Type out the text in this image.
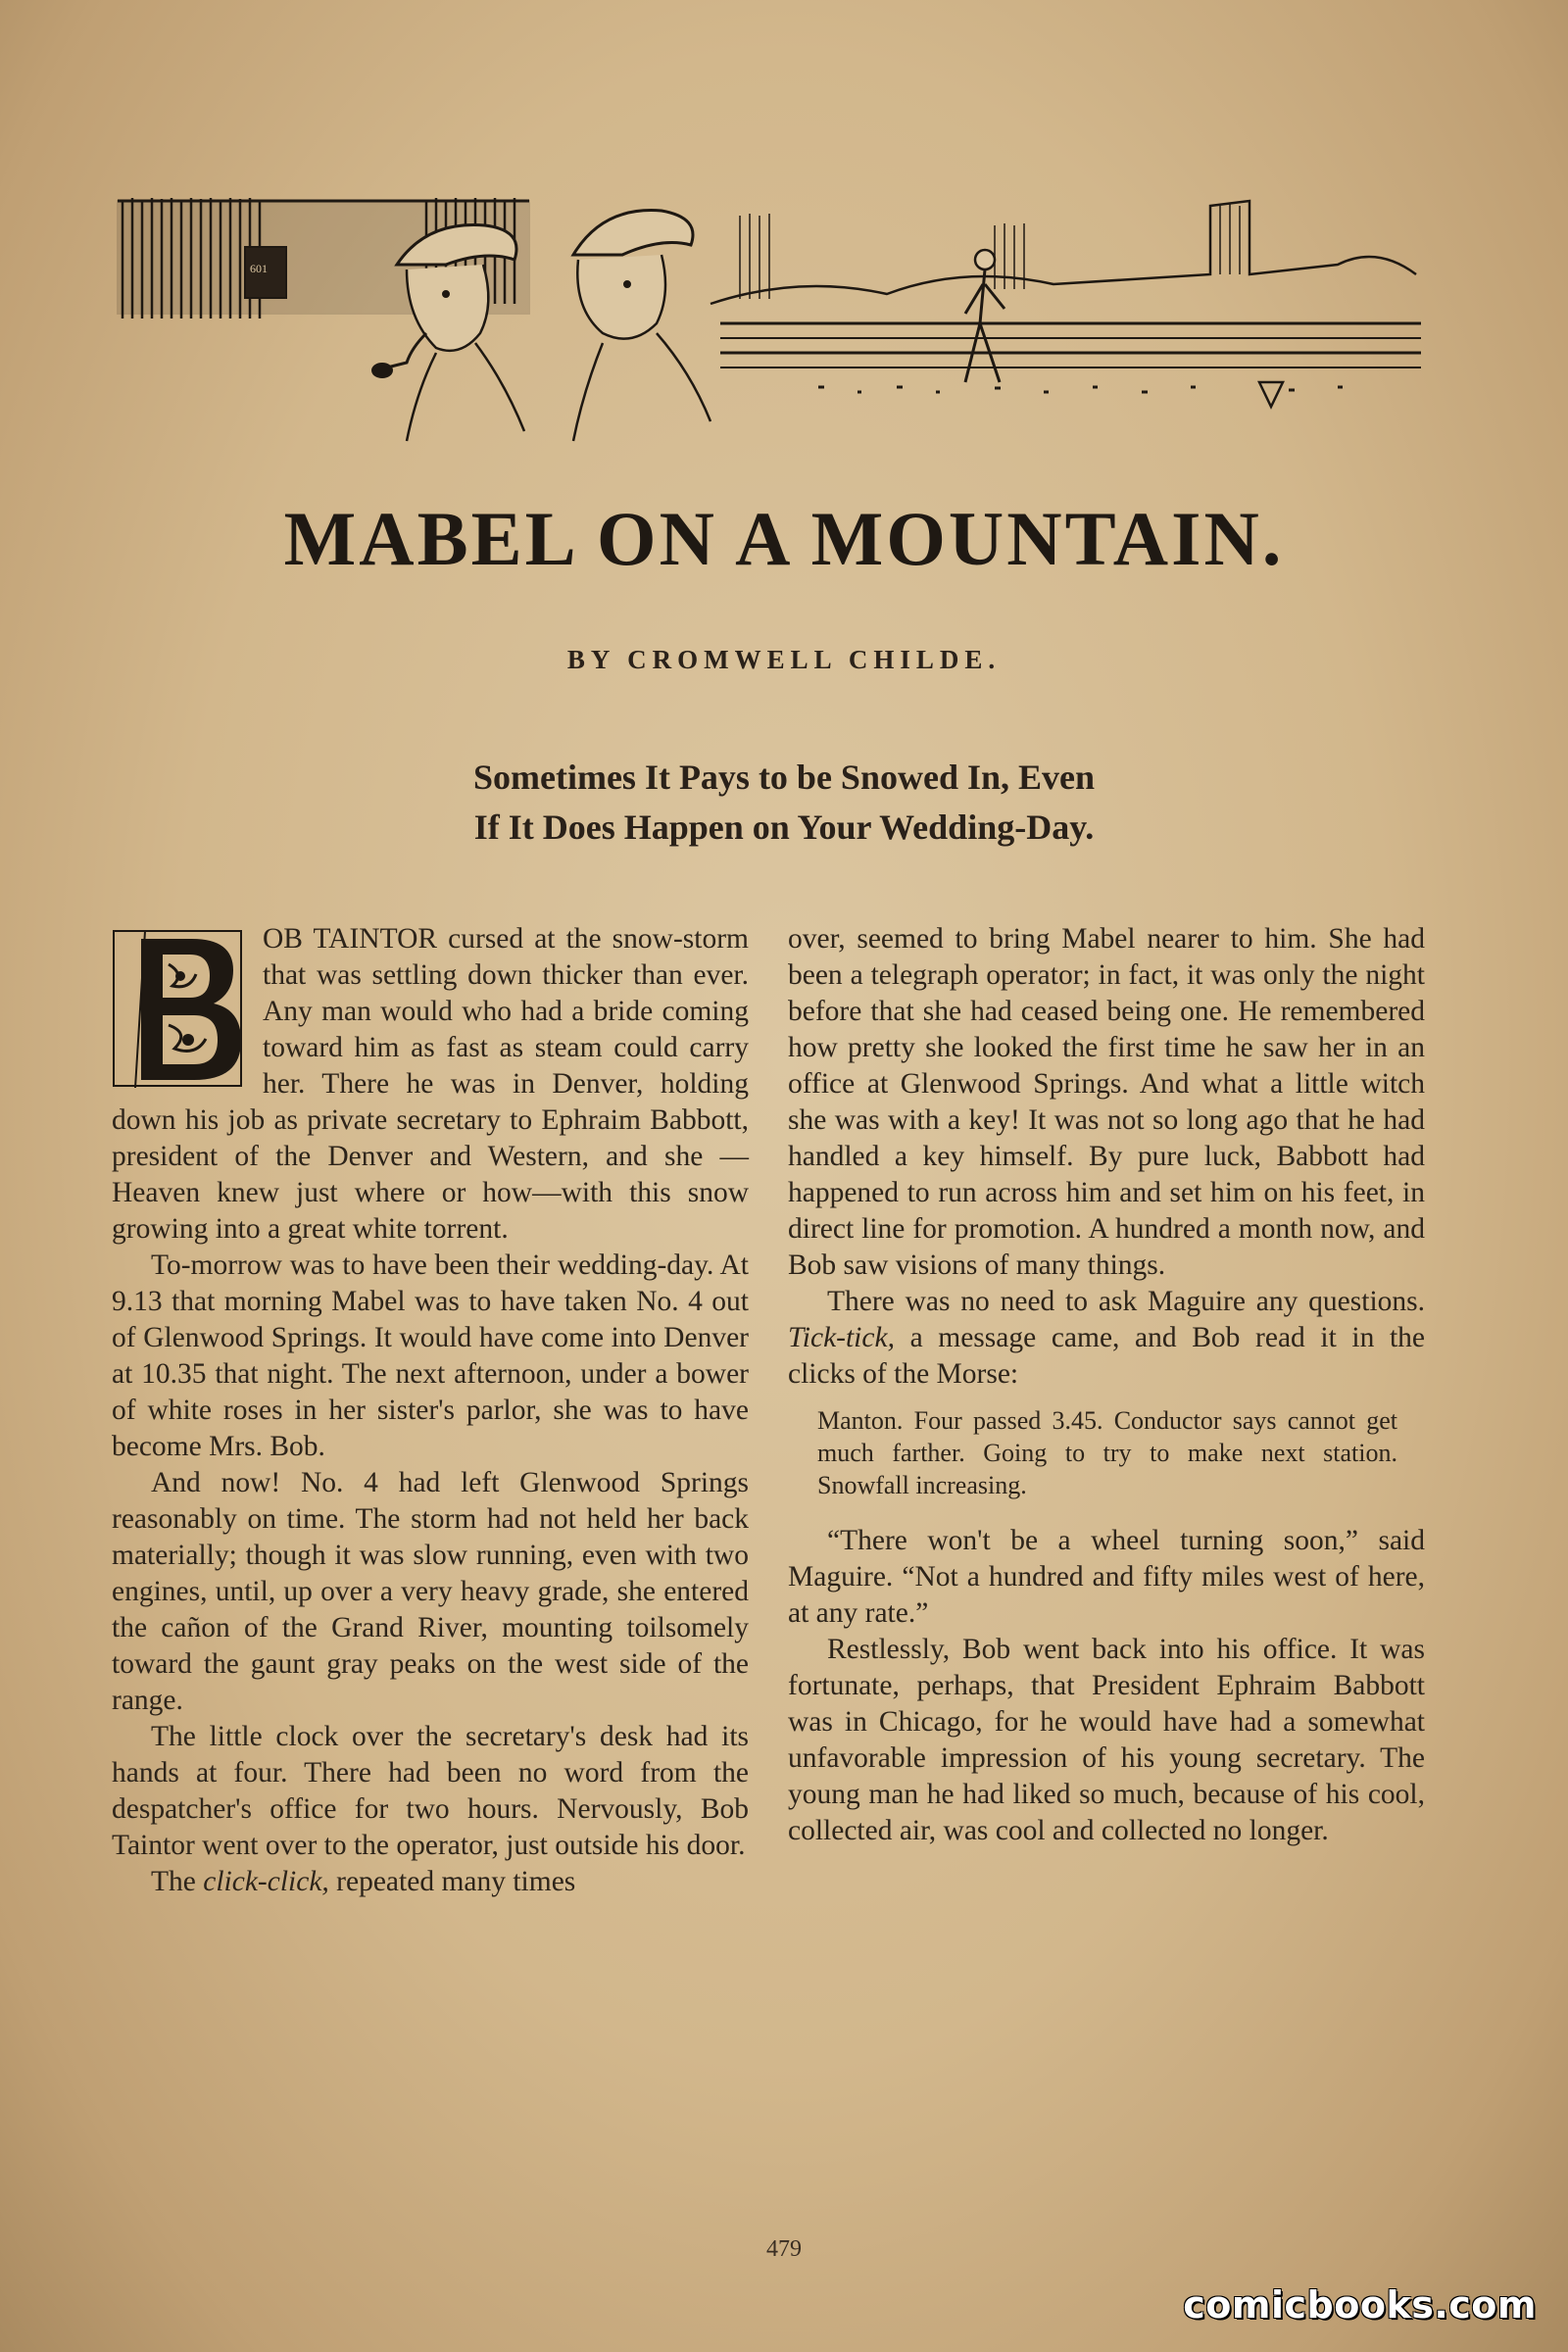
601
MABEL ON A MOUNTAIN.
BY CROMWELL CHILDE.
Sometimes It Pays to be Snowed In, Even
If It Does Happen on Your Wedding-Day.

B	OB TAINTOR cursed at the snow-storm that was settling down thicker than ever. Any man would who had a bride coming toward him as fast as steam could carry her. There he was in Denver, holding down his job as private secretary to Ephraim Babbott, president of the Denver and Western, and she — Heaven knew just where or how—with this snow growing into a great white torrent.

To-morrow was to have been their wedding-day. At 9.13 that morning Mabel was to have taken No. 4 out of Glenwood Springs. It would have come into Denver at 10.35 that night. The next afternoon, under a bower of white roses in her sister's parlor, she was to have become Mrs. Bob.

And now! No. 4 had left Glenwood Springs reasonably on time. The storm had not held her back materially; though it was slow running, even with two engines, until, up over a very heavy grade, she entered the cañon of the Grand River, mounting toilsomely toward the gaunt gray peaks on the west side of the range.

The little clock over the secretary's desk had its hands at four. There had been no word from the despatcher's office for two hours. Nervously, Bob Taintor went over to the operator, just outside his door.

The click-click, repeated many times

over, seemed to bring Mabel nearer to him. She had been a telegraph operator; in fact, it was only the night before that she had ceased being one. He remembered how pretty she looked the first time he saw her in an office at Glenwood Springs. And what a little witch she was with a key! It was not so long ago that he had handled a key himself. By pure luck, Babbott had happened to run across him and set him on his feet, in direct line for promotion. A hundred a month now, and Bob saw visions of many things.

There was no need to ask Maguire any questions. Tick-tick, a message came, and Bob read it in the clicks of the Morse:

Manton. Four passed 3.45. Conductor says cannot get much farther. Going to try to make next station. Snowfall increasing.

“There won't be a wheel turning soon,” said Maguire. “Not a hundred and fifty miles west of here, at any rate.”

Restlessly, Bob went back into his office. It was fortunate, perhaps, that President Ephraim Babbott was in Chicago, for he would have had a somewhat unfavorable impression of his young secretary. The young man he had liked so much, because of his cool, collected air, was cool and collected no longer.

479
comicbooks.com
